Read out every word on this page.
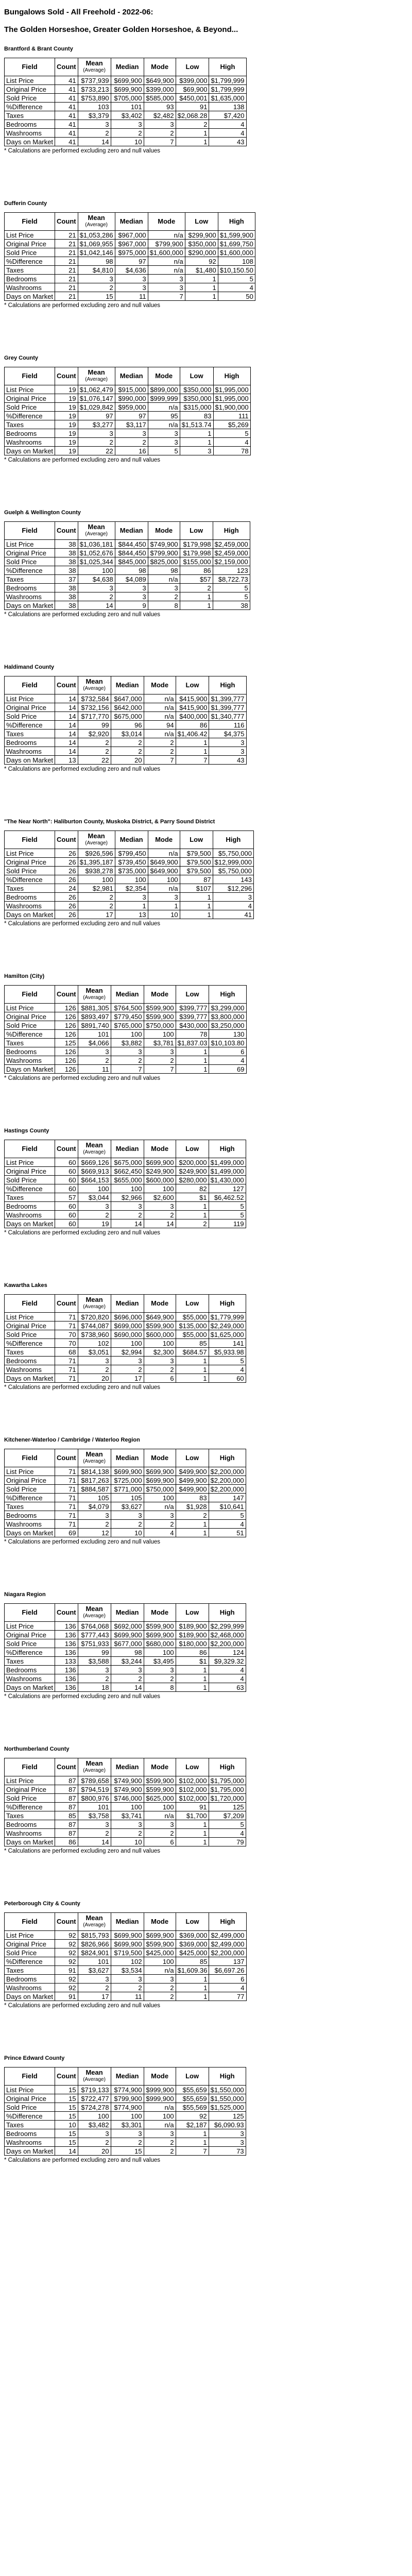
Bungalows Sold - All Freehold - 2022-06:
The Golden Horseshoe, Greater Golden Horseshoe, & Beyond...
Brantford & Brant County
Field	Count	Mean
(Average)	Median	Mode	Low	High
List Price	41	$737,939	$699,900	$649,900	$399,000	$1,799,999
Original Price	41	$733,213	$699,900	$399,000	$69,900	$1,799,999
Sold Price	41	$753,890	$705,000	$585,000	$450,001	$1,635,000
%Difference	41	103	101	93	91	138
Taxes	41	$3,379	$3,402	$2,482	$2,068.28	$7,420
Bedrooms	41	3	3	3	2	4
Washrooms	41	2	2	2	1	4
Days on Market	41	14	10	7	1	43
* Calculations are performed excluding zero and null values
Dufferin County
Field	Count	Mean
(Average)	Median	Mode	Low	High
List Price	21	$1,053,286	$967,000	n/a	$299,900	$1,599,900
Original Price	21	$1,069,955	$967,000	$799,900	$350,000	$1,699,750
Sold Price	21	$1,042,146	$975,000	$1,600,000	$290,000	$1,600,000
%Difference	21	98	97	n/a	92	108
Taxes	21	$4,810	$4,636	n/a	$1,480	$10,150.50
Bedrooms	21	3	3	3	1	5
Washrooms	21	2	3	3	1	4
Days on Market	21	15	11	7	1	50
* Calculations are performed excluding zero and null values
Grey County
Field	Count	Mean
(Average)	Median	Mode	Low	High
List Price	19	$1,062,479	$915,000	$899,000	$350,000	$1,995,000
Original Price	19	$1,076,147	$990,000	$999,999	$350,000	$1,995,000
Sold Price	19	$1,029,842	$959,000	n/a	$315,000	$1,900,000
%Difference	19	97	97	95	83	111
Taxes	19	$3,277	$3,117	n/a	$1,513.74	$5,269
Bedrooms	19	3	3	3	1	5
Washrooms	19	2	2	3	1	4
Days on Market	19	22	16	5	3	78
* Calculations are performed excluding zero and null values
Guelph & Wellington County
Field	Count	Mean
(Average)	Median	Mode	Low	High
List Price	38	$1,036,181	$844,450	$749,900	$179,998	$2,459,000
Original Price	38	$1,052,676	$844,450	$799,900	$179,998	$2,459,000
Sold Price	38	$1,025,344	$845,000	$825,000	$155,000	$2,159,000
%Difference	38	100	98	98	86	123
Taxes	37	$4,638	$4,089	n/a	$57	$8,722.73
Bedrooms	38	3	3	3	2	5
Washrooms	38	2	3	2	1	5
Days on Market	38	14	9	8	1	38
* Calculations are performed excluding zero and null values
Haldimand County
Field	Count	Mean
(Average)	Median	Mode	Low	High
List Price	14	$732,584	$647,000	n/a	$415,900	$1,399,777
Original Price	14	$732,156	$642,000	n/a	$415,900	$1,399,777
Sold Price	14	$717,770	$675,000	n/a	$400,000	$1,340,777
%Difference	14	99	96	94	86	116
Taxes	14	$2,920	$3,014	n/a	$1,406.42	$4,375
Bedrooms	14	2	2	2	1	3
Washrooms	14	2	2	2	1	3
Days on Market	13	22	20	7	7	43
* Calculations are performed excluding zero and null values
"The Near North": Haliburton County, Muskoka District, & Parry Sound District
Field	Count	Mean
(Average)	Median	Mode	Low	High
List Price	26	$926,596	$799,450	n/a	$79,500	$5,750,000
Original Price	26	$1,395,187	$739,450	$649,900	$79,500	$12,999,000
Sold Price	26	$938,278	$735,000	$649,900	$79,500	$5,750,000
%Difference	26	100	100	100	87	143
Taxes	24	$2,981	$2,354	n/a	$107	$12,296
Bedrooms	26	2	3	3	1	3
Washrooms	26	2	1	1	1	4
Days on Market	26	17	13	10	1	41
* Calculations are performed excluding zero and null values
Hamilton (City)
Field	Count	Mean
(Average)	Median	Mode	Low	High
List Price	126	$881,305	$764,500	$599,900	$399,777	$3,299,000
Original Price	126	$893,497	$779,450	$599,900	$399,777	$3,800,000
Sold Price	126	$891,740	$765,000	$750,000	$430,000	$3,250,000
%Difference	126	101	100	100	78	130
Taxes	125	$4,066	$3,882	$3,781	$1,837.03	$10,103.80
Bedrooms	126	3	3	3	1	6
Washrooms	126	2	2	2	1	4
Days on Market	126	11	7	7	1	69
* Calculations are performed excluding zero and null values
Hastings County
Field	Count	Mean
(Average)	Median	Mode	Low	High
List Price	60	$669,126	$675,000	$699,900	$200,000	$1,499,000
Original Price	60	$669,913	$662,450	$249,900	$249,900	$1,499,000
Sold Price	60	$664,153	$655,000	$600,000	$280,000	$1,430,000
%Difference	60	100	100	100	82	127
Taxes	57	$3,044	$2,966	$2,600	$1	$6,462.52
Bedrooms	60	3	3	3	1	5
Washrooms	60	2	2	2	1	5
Days on Market	60	19	14	14	2	119
* Calculations are performed excluding zero and null values
Kawartha Lakes
Field	Count	Mean
(Average)	Median	Mode	Low	High
List Price	71	$720,820	$696,000	$649,900	$55,000	$1,779,999
Original Price	71	$744,087	$699,000	$599,900	$135,000	$2,249,000
Sold Price	70	$738,960	$690,000	$600,000	$55,000	$1,625,000
%Difference	70	102	100	100	85	141
Taxes	68	$3,051	$2,994	$2,300	$684.57	$5,933.98
Bedrooms	71	3	3	3	1	5
Washrooms	71	2	2	2	1	4
Days on Market	71	20	17	6	1	60
* Calculations are performed excluding zero and null values
Kitchener-Waterloo / Cambridge / Waterloo Region
Field	Count	Mean
(Average)	Median	Mode	Low	High
List Price	71	$814,138	$699,900	$699,900	$499,900	$2,200,000
Original Price	71	$817,263	$725,000	$699,900	$499,900	$2,200,000
Sold Price	71	$884,587	$771,000	$750,000	$499,900	$2,200,000
%Difference	71	105	105	100	83	147
Taxes	71	$4,079	$3,627	n/a	$1,928	$10,641
Bedrooms	71	3	3	3	2	5
Washrooms	71	2	2	2	1	4
Days on Market	69	12	10	4	1	51
* Calculations are performed excluding zero and null values
Niagara Region
Field	Count	Mean
(Average)	Median	Mode	Low	High
List Price	136	$764,068	$692,000	$599,900	$189,900	$2,299,999
Original Price	136	$777,443	$699,900	$699,900	$189,900	$2,468,000
Sold Price	136	$751,933	$677,000	$680,000	$180,000	$2,200,000
%Difference	136	99	98	100	86	124
Taxes	133	$3,588	$3,244	$3,495	$1	$9,329.32
Bedrooms	136	3	3	3	1	4
Washrooms	136	2	2	2	1	4
Days on Market	136	18	14	8	1	63
* Calculations are performed excluding zero and null values
Northumberland County
Field	Count	Mean
(Average)	Median	Mode	Low	High
List Price	87	$789,658	$749,900	$599,900	$102,000	$1,795,000
Original Price	87	$794,519	$749,900	$599,900	$102,000	$1,795,000
Sold Price	87	$800,976	$746,000	$625,000	$102,000	$1,720,000
%Difference	87	101	100	100	91	125
Taxes	85	$3,758	$3,741	n/a	$1,700	$7,209
Bedrooms	87	3	3	3	1	5
Washrooms	87	2	2	2	1	4
Days on Market	86	14	10	6	1	79
* Calculations are performed excluding zero and null values
Peterborough City & County
Field	Count	Mean
(Average)	Median	Mode	Low	High
List Price	92	$815,793	$699,900	$699,900	$369,000	$2,499,000
Original Price	92	$826,966	$699,900	$599,900	$369,000	$2,499,000
Sold Price	92	$824,901	$719,500	$425,000	$425,000	$2,200,000
%Difference	92	101	102	100	85	137
Taxes	91	$3,627	$3,534	n/a	$1,609.36	$6,697.26
Bedrooms	92	3	3	3	1	6
Washrooms	92	2	2	2	1	4
Days on Market	91	17	11	2	1	77
* Calculations are performed excluding zero and null values
Prince Edward County
Field	Count	Mean
(Average)	Median	Mode	Low	High
List Price	15	$719,133	$774,900	$999,900	$55,659	$1,550,000
Original Price	15	$722,477	$799,900	$999,900	$55,659	$1,550,000
Sold Price	15	$724,278	$774,900	n/a	$55,569	$1,525,000
%Difference	15	100	100	100	92	125
Taxes	10	$3,482	$3,301	n/a	$2,187	$6,090.93
Bedrooms	15	3	3	3	1	3
Washrooms	15	2	2	2	1	3
Days on Market	14	20	15	2	7	73
* Calculations are performed excluding zero and null values
